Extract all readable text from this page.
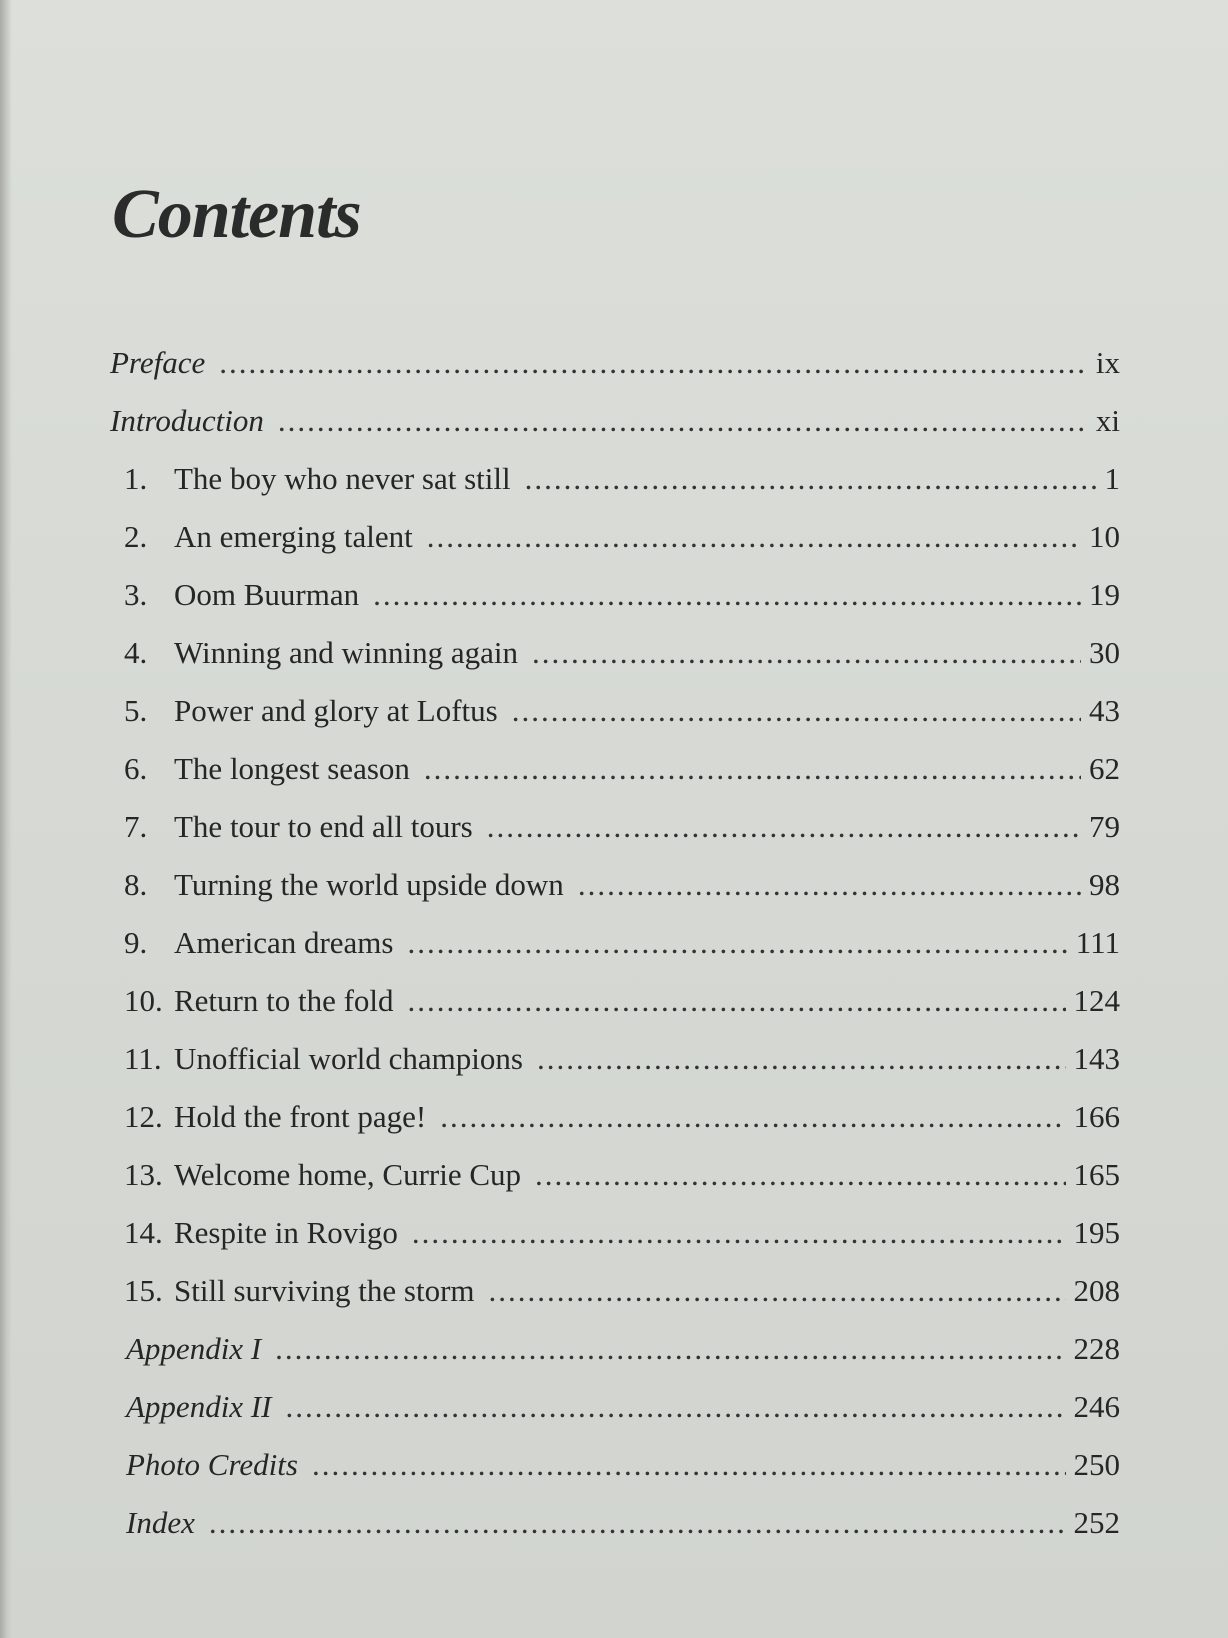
Contents
Preface .....	ix
Introduction .....	xi
1. The boy who never sat still .....	1
2. An emerging talent .....	10
3. Oom Buurman .....	19
4. Winning and winning again .....	30
5. Power and glory at Loftus .....	43
6. The longest season .....	62
7. The tour to end all tours .....	79
8. Turning the world upside down .....	98
9. American dreams .....	111
10. Return to the fold .....	124
11. Unofficial world champions .....	143
12. Hold the front page! .....	166
13. Welcome home, Currie Cup .....	165
14. Respite in Rovigo .....	195
15. Still surviving the storm .....	208
Appendix I .....	228
Appendix II .....	246
Photo Credits .....	250
Index .....	252
